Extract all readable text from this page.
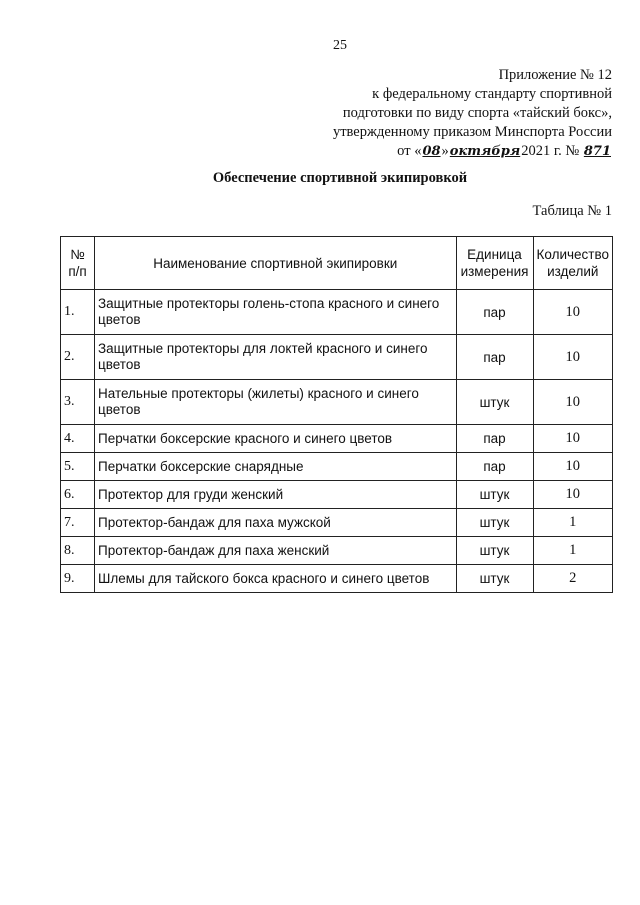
25
Приложение № 12
к федеральному стандарту спортивной
подготовки по виду спорта «тайский бокс»,
утвержденному приказом Минспорта России
от «08»октября2021 г. № 871
Обеспечение спортивной экипировкой
Таблица № 1
№ п/п	Наименование спортивной экипировки	Единица измерения	Количество изделий
1.	Защитные протекторы голень-стопа красного и синего цветов	пар	10
2.	Защитные протекторы для локтей красного и синего цветов	пар	10
3.	Нательные протекторы (жилеты) красного и синего цветов	штук	10
4.	Перчатки боксерские красного и синего цветов	пар	10
5.	Перчатки боксерские снарядные	пар	10
6.	Протектор для груди женский	штук	10
7.	Протектор-бандаж для паха мужской	штук	1
8.	Протектор-бандаж для паха женский	штук	1
9.	Шлемы для тайского бокса красного и синего цветов	штук	2
